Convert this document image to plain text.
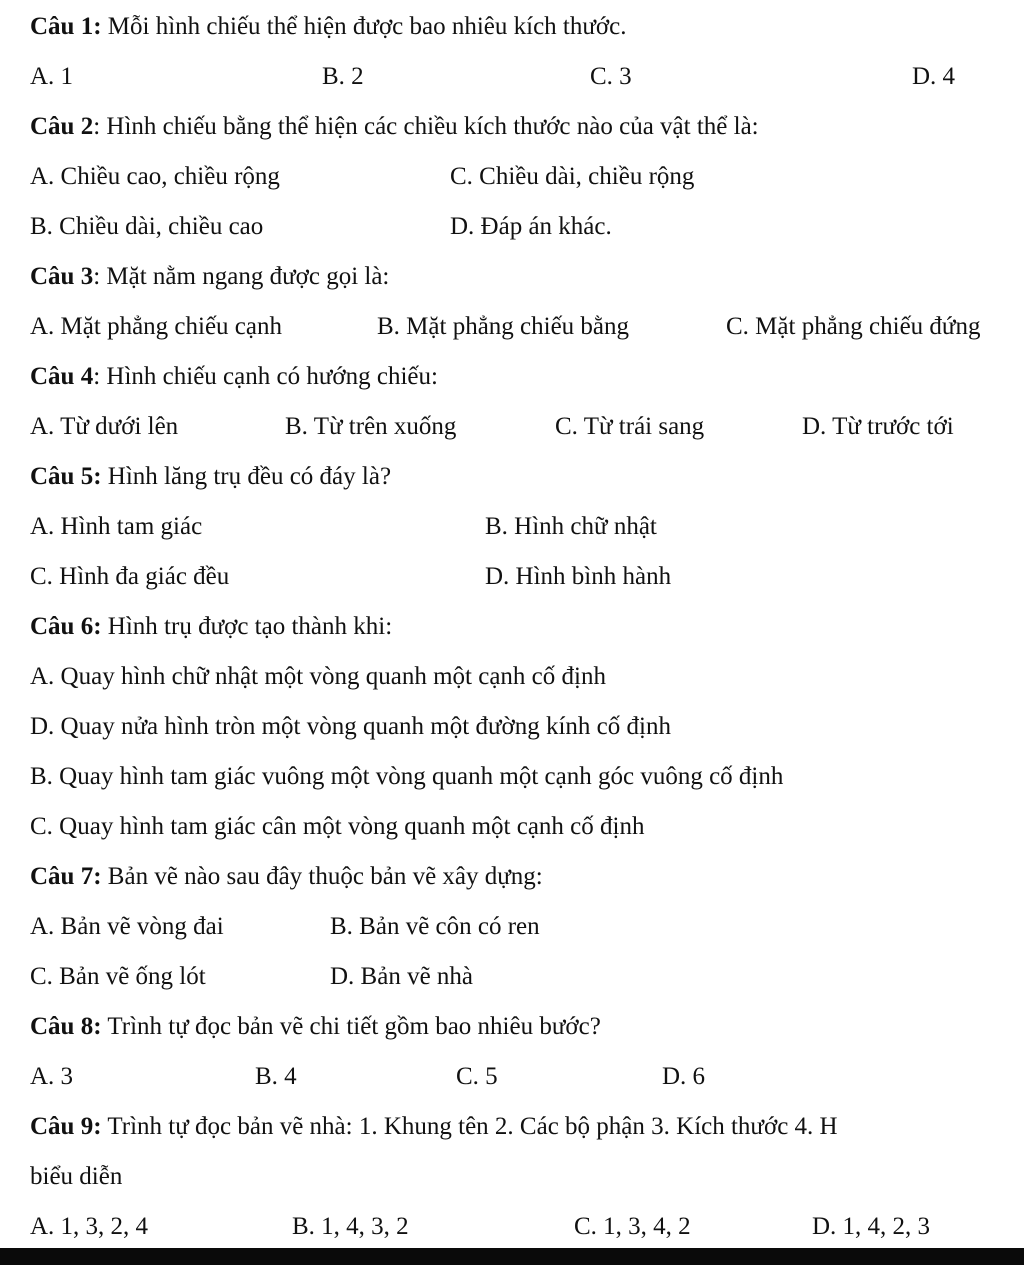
Câu 1: Mỗi hình chiếu thể hiện được bao nhiêu kích thước.
A. 1	B. 2	C. 3	D. 4
Câu 2: Hình chiếu bằng thể hiện các chiều kích thước nào của vật thể là:
A. Chiều cao, chiều rộng	C. Chiều dài, chiều rộng
B. Chiều dài, chiều cao	D. Đáp án khác.
Câu 3: Mặt nằm ngang được gọi là:
A. Mặt phẳng chiếu cạnh	B. Mặt phẳng chiếu bằng	C. Mặt phẳng chiếu đứng
Câu 4: Hình chiếu cạnh có hướng chiếu:
A. Từ dưới lên	B. Từ trên xuống	C. Từ trái sang	D. Từ trước tới
Câu 5: Hình lăng trụ đều có đáy là?
A. Hình tam giác	B. Hình chữ nhật
C. Hình đa giác đều	D. Hình bình hành
Câu 6: Hình trụ được tạo thành khi:
A. Quay hình chữ nhật một vòng quanh một cạnh cố định
D. Quay nửa hình tròn một vòng quanh một đường kính cố định
B. Quay hình tam giác vuông một vòng quanh một cạnh góc vuông cố định
C. Quay hình tam giác cân một vòng quanh một cạnh cố định
Câu 7: Bản vẽ nào sau đây thuộc bản vẽ xây dựng:
A. Bản vẽ vòng đai	B. Bản vẽ côn có ren
C. Bản vẽ ống lót	D. Bản vẽ nhà
Câu 8: Trình tự đọc bản vẽ chi tiết gồm bao nhiêu bước?
A. 3	B. 4	C. 5	D. 6
Câu 9: Trình tự đọc bản vẽ nhà: 1. Khung tên 2. Các bộ phận 3. Kích thước 4. H
biểu diễn
A. 1, 3, 2, 4	B. 1, 4, 3, 2	C. 1, 3, 4, 2	D. 1, 4, 2, 3
